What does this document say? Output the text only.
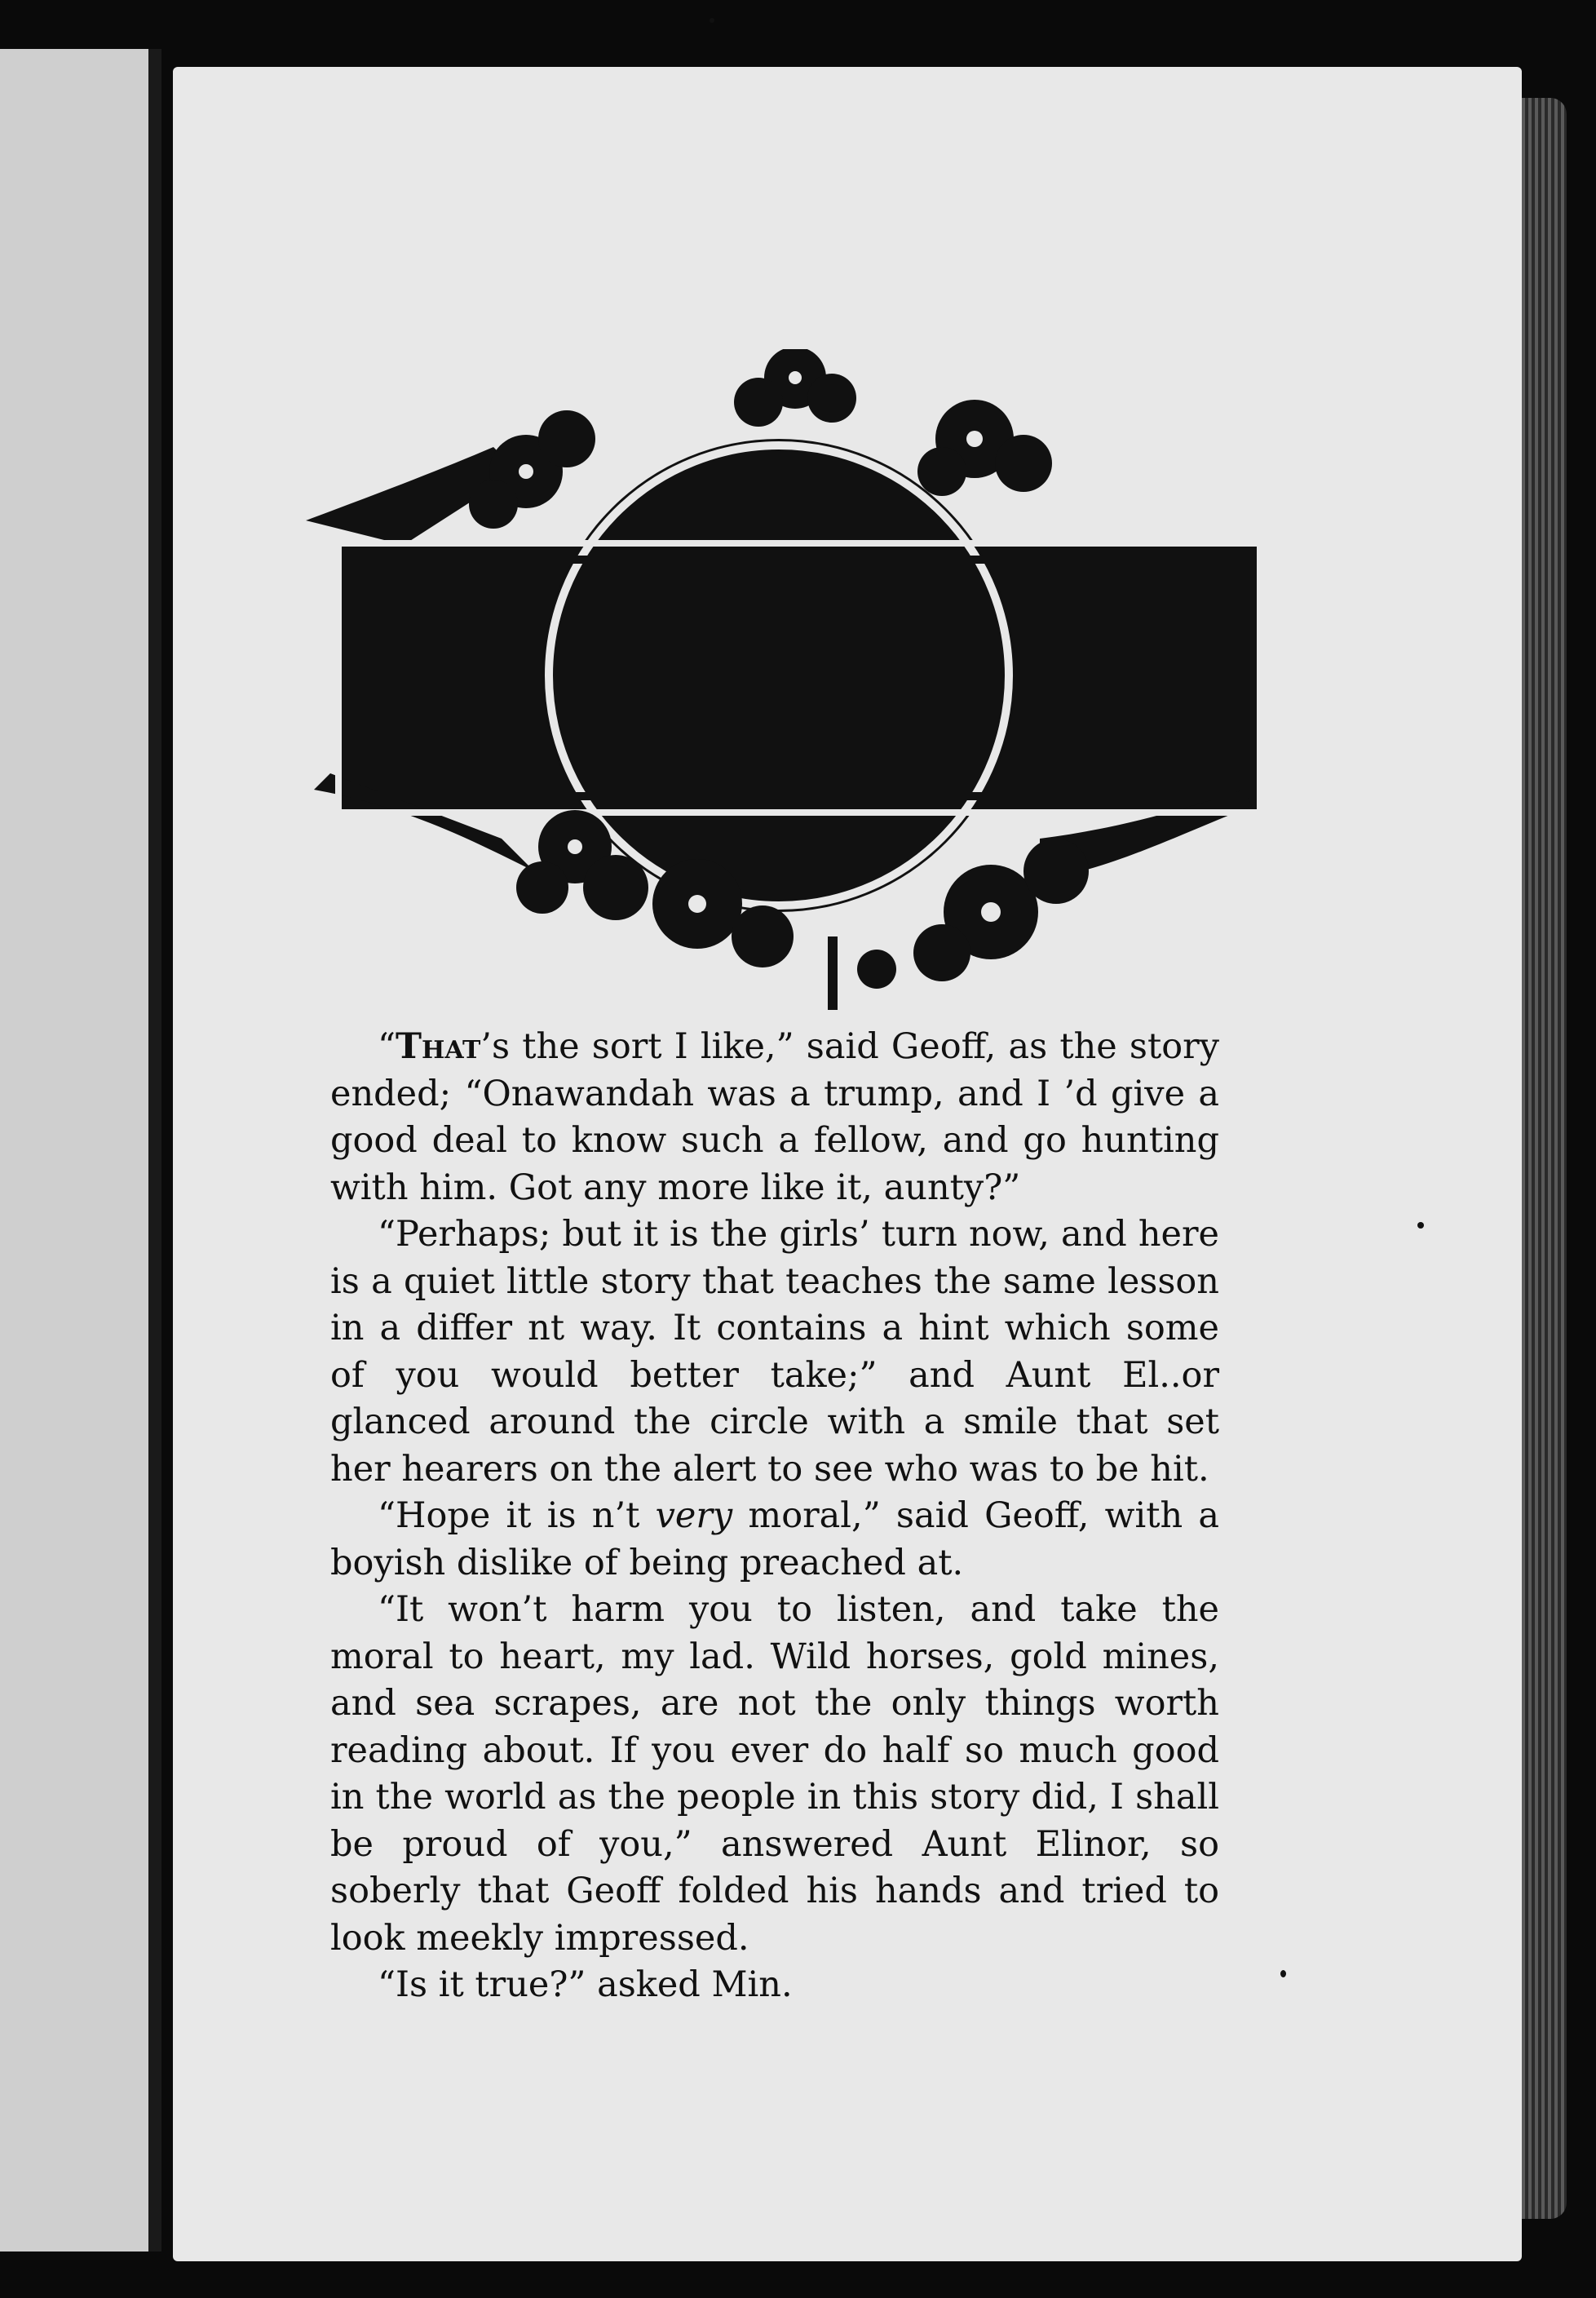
“That’s the sort I like,” said Geoff, as the story ended; “Onawandah was a trump, and I ’d give a good deal to know such a fellow, and go hunting with him. Got any more like it, aunty?”

“Perhaps; but it is the girls’ turn now, and here is a quiet little story that teaches the same lesson in a differ nt way. It contains a hint which some of you would better take;” and Aunt El..or glanced around the circle with a smile that set her hearers on the alert to see who was to be hit.

“Hope it is n’t very moral,” said Geoff, with a boyish dislike of being preached at.

“It won’t harm you to listen, and take the moral to heart, my lad. Wild horses, gold mines, and sea scrapes, are not the only things worth reading about. If you ever do half so much good in the world as the people in this story did, I shall be proud of you,” answered Aunt Elinor, so soberly that Geoff folded his hands and tried to look meekly impressed.

“Is it true?” asked Min.
